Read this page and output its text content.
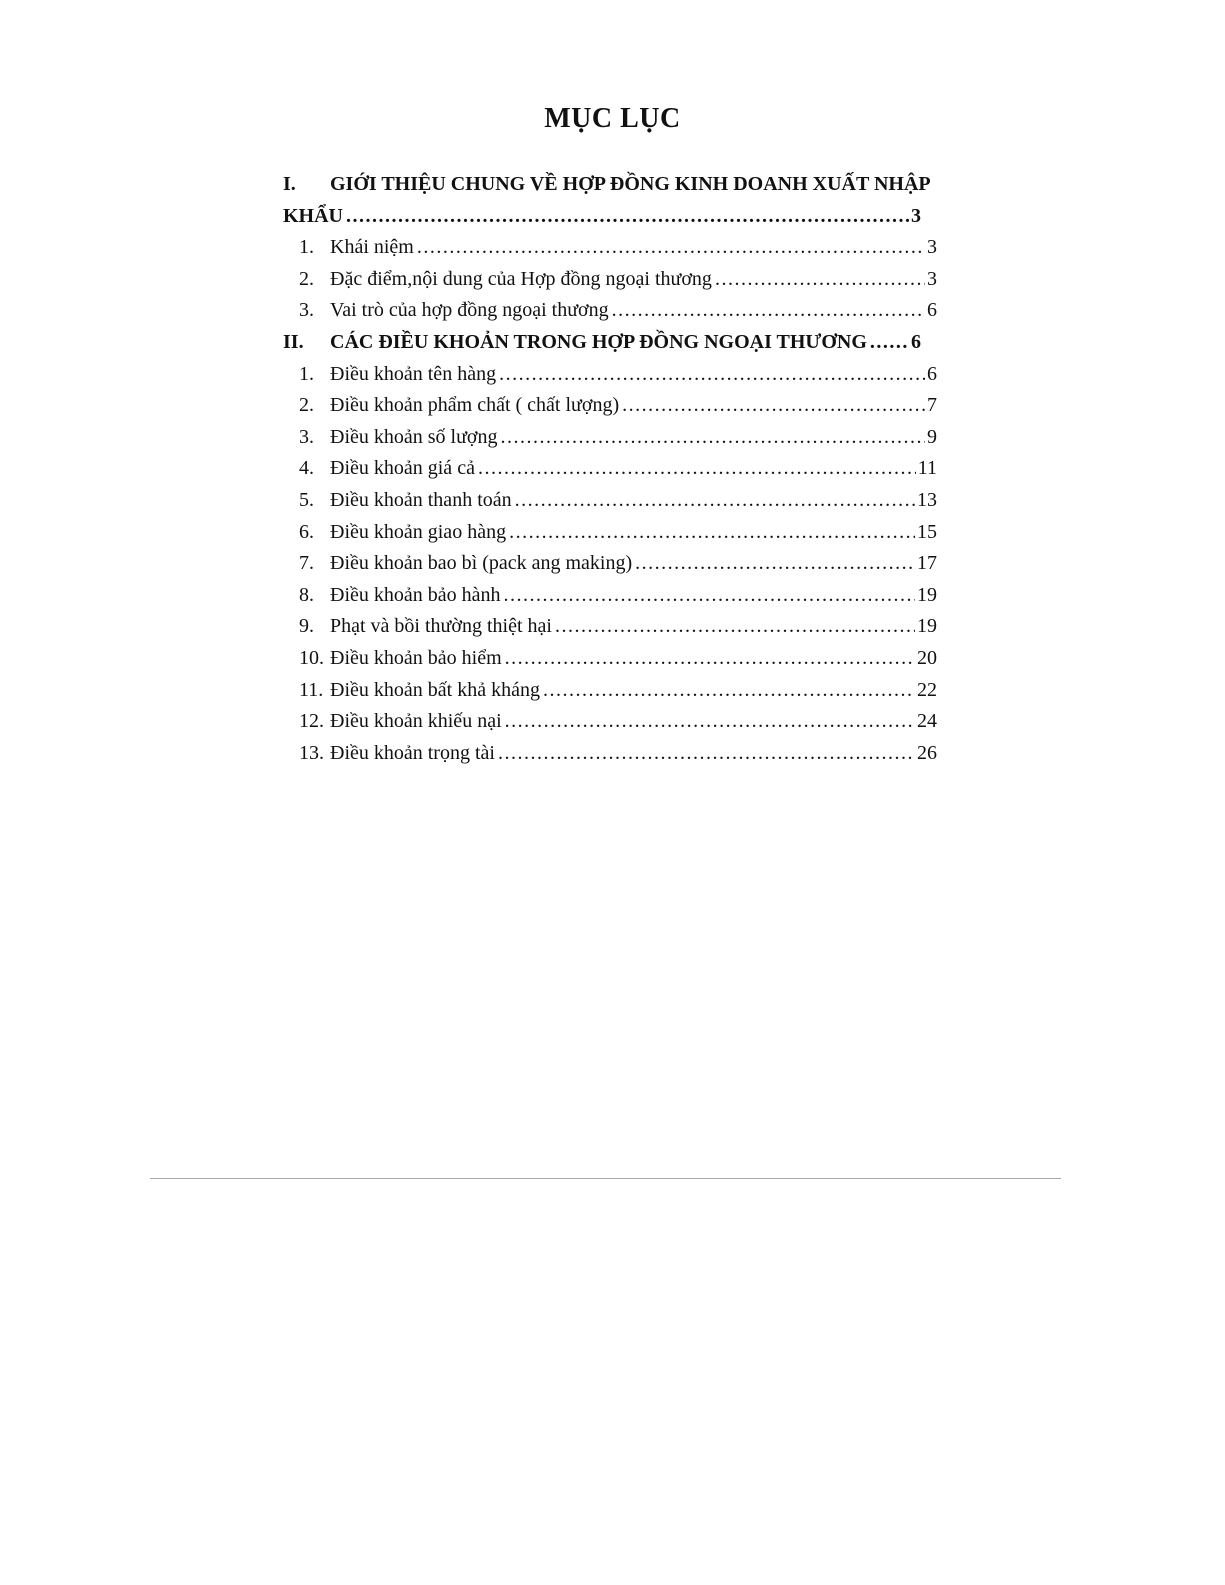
MỤC LỤC
I.	GIỚI THIỆU CHUNG VỀ HỢP ĐỒNG KINH DOANH XUẤT NHẬP
KHẨU .....	3
1. Khái niệm .....	3
2. Đặc điểm,nội dung của Hợp đồng ngoại thương .....	3
3. Vai trò của hợp đồng ngoại thương .....	6
II.	CÁC ĐIỀU KHOẢN TRONG HỢP ĐỒNG NGOẠI THƯƠNG ..... 6
1. Điều khoản tên hàng .....	6
2. Điều khoản phẩm chất ( chất lượng) .....	7
3. Điều khoản số lượng .....	9
4. Điều khoản giá cả .....	11
5. Điều khoản thanh toán .....	13
6. Điều khoản giao hàng .....	15
7. Điều khoản bao bì (pack ang making) .....	17
8. Điều khoản bảo hành .....	19
9. Phạt và bồi thường thiệt hại .....	19
10. Điều khoản bảo hiểm .....	20
11. Điều khoản bất khả kháng .....	22
12. Điều khoản khiếu nại .....	24
13. Điều khoản trọng tài .....	26
